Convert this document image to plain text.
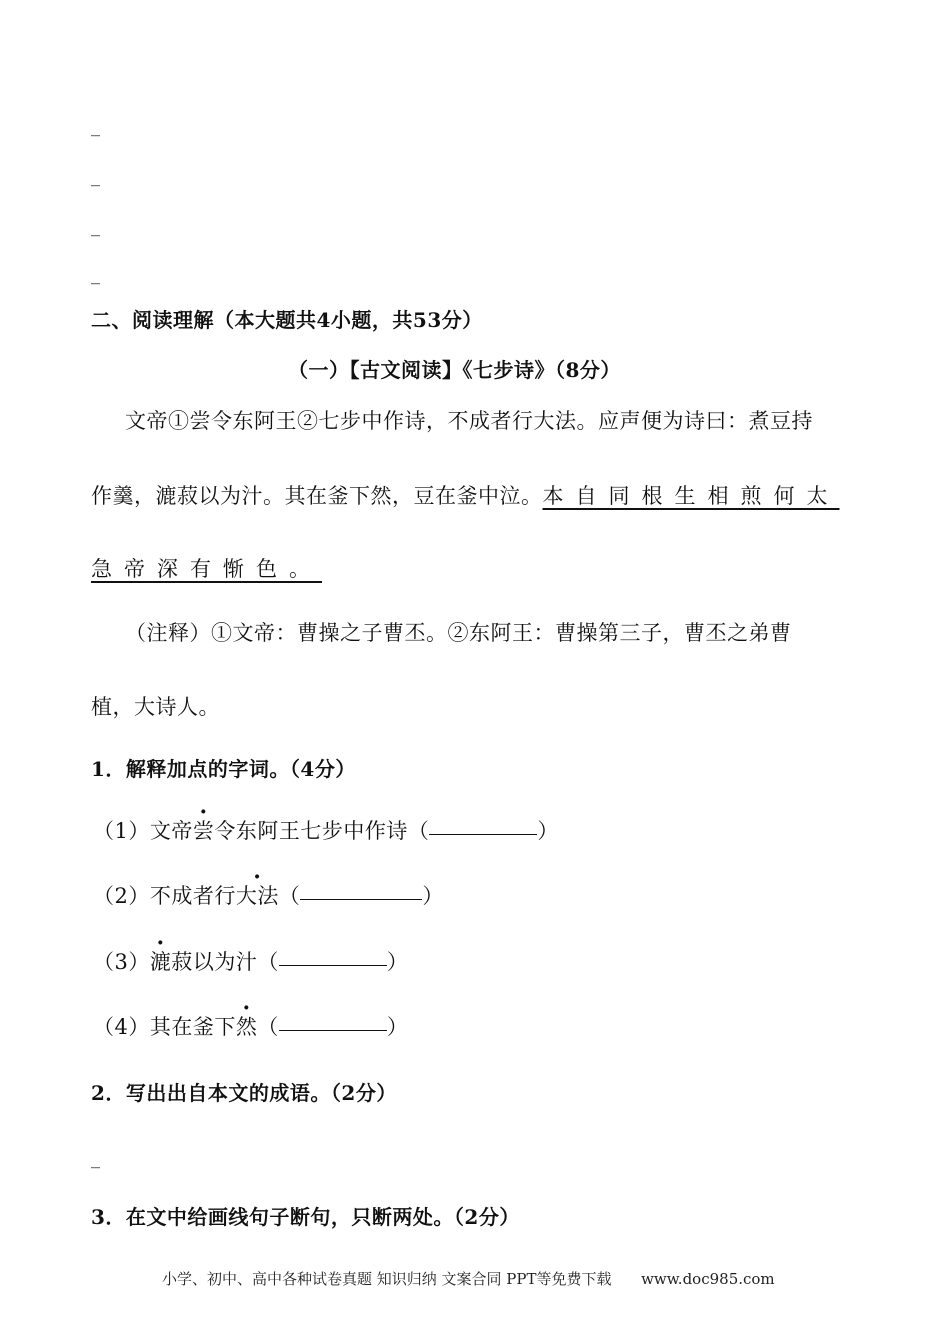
_
_
_
_
二、阅读理解（本大题共4小题，共53分）
（一）【古文阅读】《七步诗》（8分）
文帝①尝令东阿王②七步中作诗，不成者行大法。应声便为诗曰：煮豆持
作羹，漉菽以为汁。其在釜下然，豆在釜中泣。本自同根生相煎何太
急帝深有惭色。
（注释）①文帝：曹操之子曹丕。②东阿王：曹操第三子，曹丕之弟曹
植，大诗人。
1．解释加点的字词。（4分）
（1）文帝尝令东阿王七步中作诗（	）
（2）不成者行大法（	）
（3）漉菽以为汁（	）
（4）其在釜下然（	）
2．写出出自本文的成语。（2分）
_
3．在文中给画线句子断句，只断两处。（2分）
小学、初中、高中各种试卷真题 知识归纳 文案合同 PPT等免费下载 www.doc985.com
